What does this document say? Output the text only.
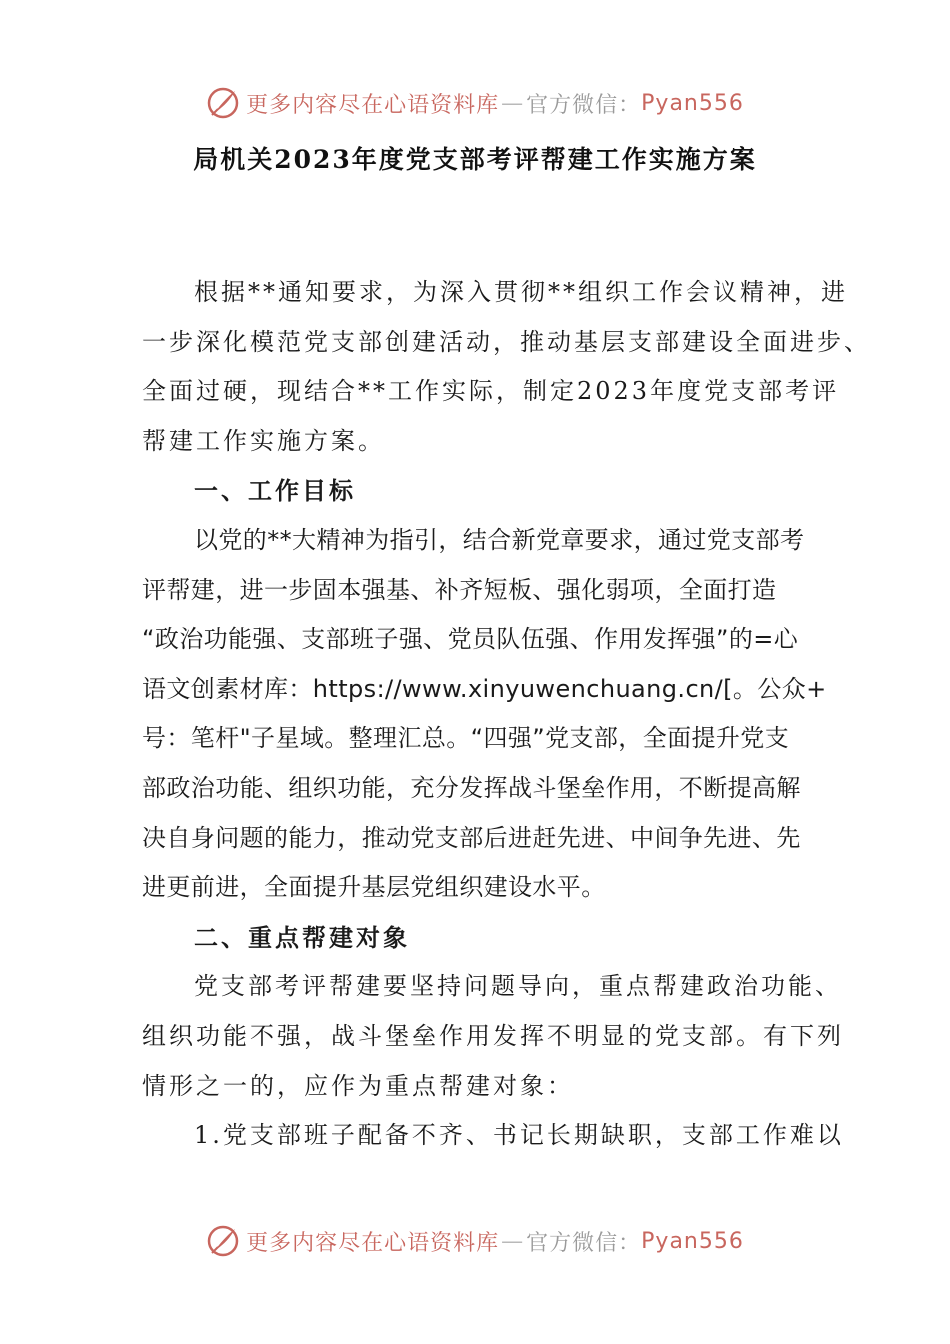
更多内容尽在心语资料库 — 官方微信： Pyan556
局机关2023年度党支部考评帮建工作实施方案

根据**通知要求，为深入贯彻**组织工作会议精神，进
一步深化模范党支部创建活动，推动基层支部建设全面进步、
全面过硬，现结合**工作实际，制定2023年度党支部考评
帮建工作实施方案。

一、工作目标

以党的**大精神为指引，结合新党章要求，通过党支部考
评帮建，进一步固本强基、补齐短板、强化弱项，全面打造
“政治功能强、支部班子强、党员队伍强、作用发挥强”的=心
语文创素材库：https://www.xinyuwenchuang.cn/[。公众+
号：笔杆"子星域。整理汇总。“四强”党支部，全面提升党支
部政治功能、组织功能，充分发挥战斗堡垒作用，不断提高解
决自身问题的能力，推动党支部后进赶先进、中间争先进、先
进更前进，全面提升基层党组织建设水平。

二、重点帮建对象

党支部考评帮建要坚持问题导向，重点帮建政治功能、
组织功能不强，战斗堡垒作用发挥不明显的党支部。有下列
情形之一的，应作为重点帮建对象：
1.党支部班子配备不齐、书记长期缺职，支部工作难以

更多内容尽在心语资料库 — 官方微信： Pyan556
